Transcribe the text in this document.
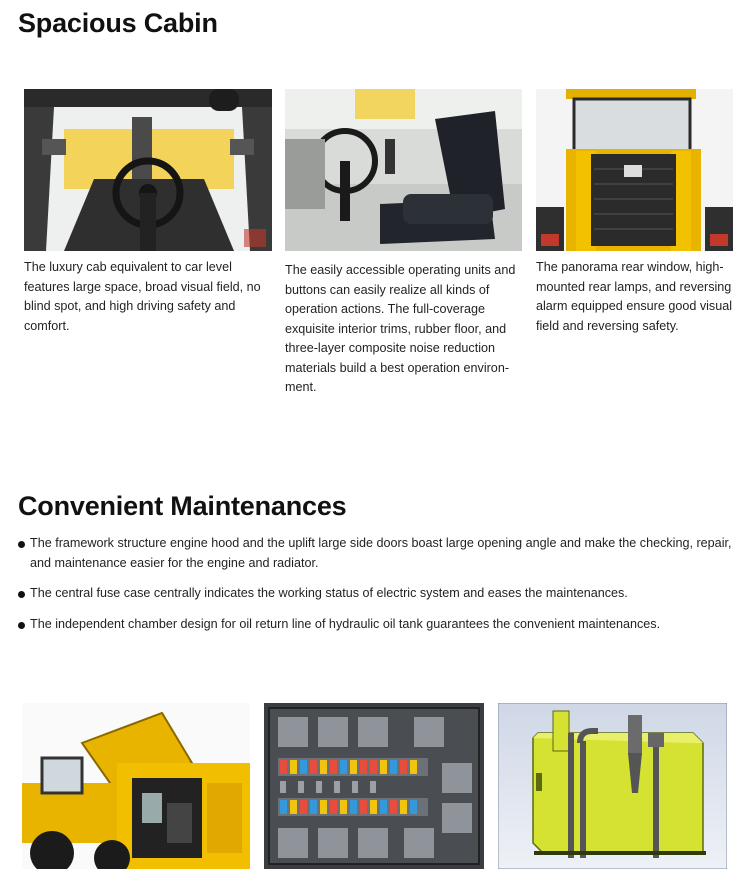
Spacious Cabin

The luxury cab equivalent to car level features large space, broad visual field, no blind spot, and high driving safety and comfort.

The easily accessible operating units and buttons can easily realize all kinds of operation actions. The full-coverage exquisite interior trims, rubber floor, and three-layer composite noise reduction materials build a best operation environ-ment.

The panorama rear window, high-mounted rear lamps, and reversing alarm equipped ensure good visual field and reversing safety.

Convenient Maintenances
The framework structure engine hood and the uplift large side doors boast large opening angle and make the checking, repair, and maintenance easier for the engine and radiator.
The central fuse case centrally indicates the working status of electric system and eases the maintenances.
The independent chamber design for oil return line of hydraulic oil tank guarantees the convenient maintenances.
